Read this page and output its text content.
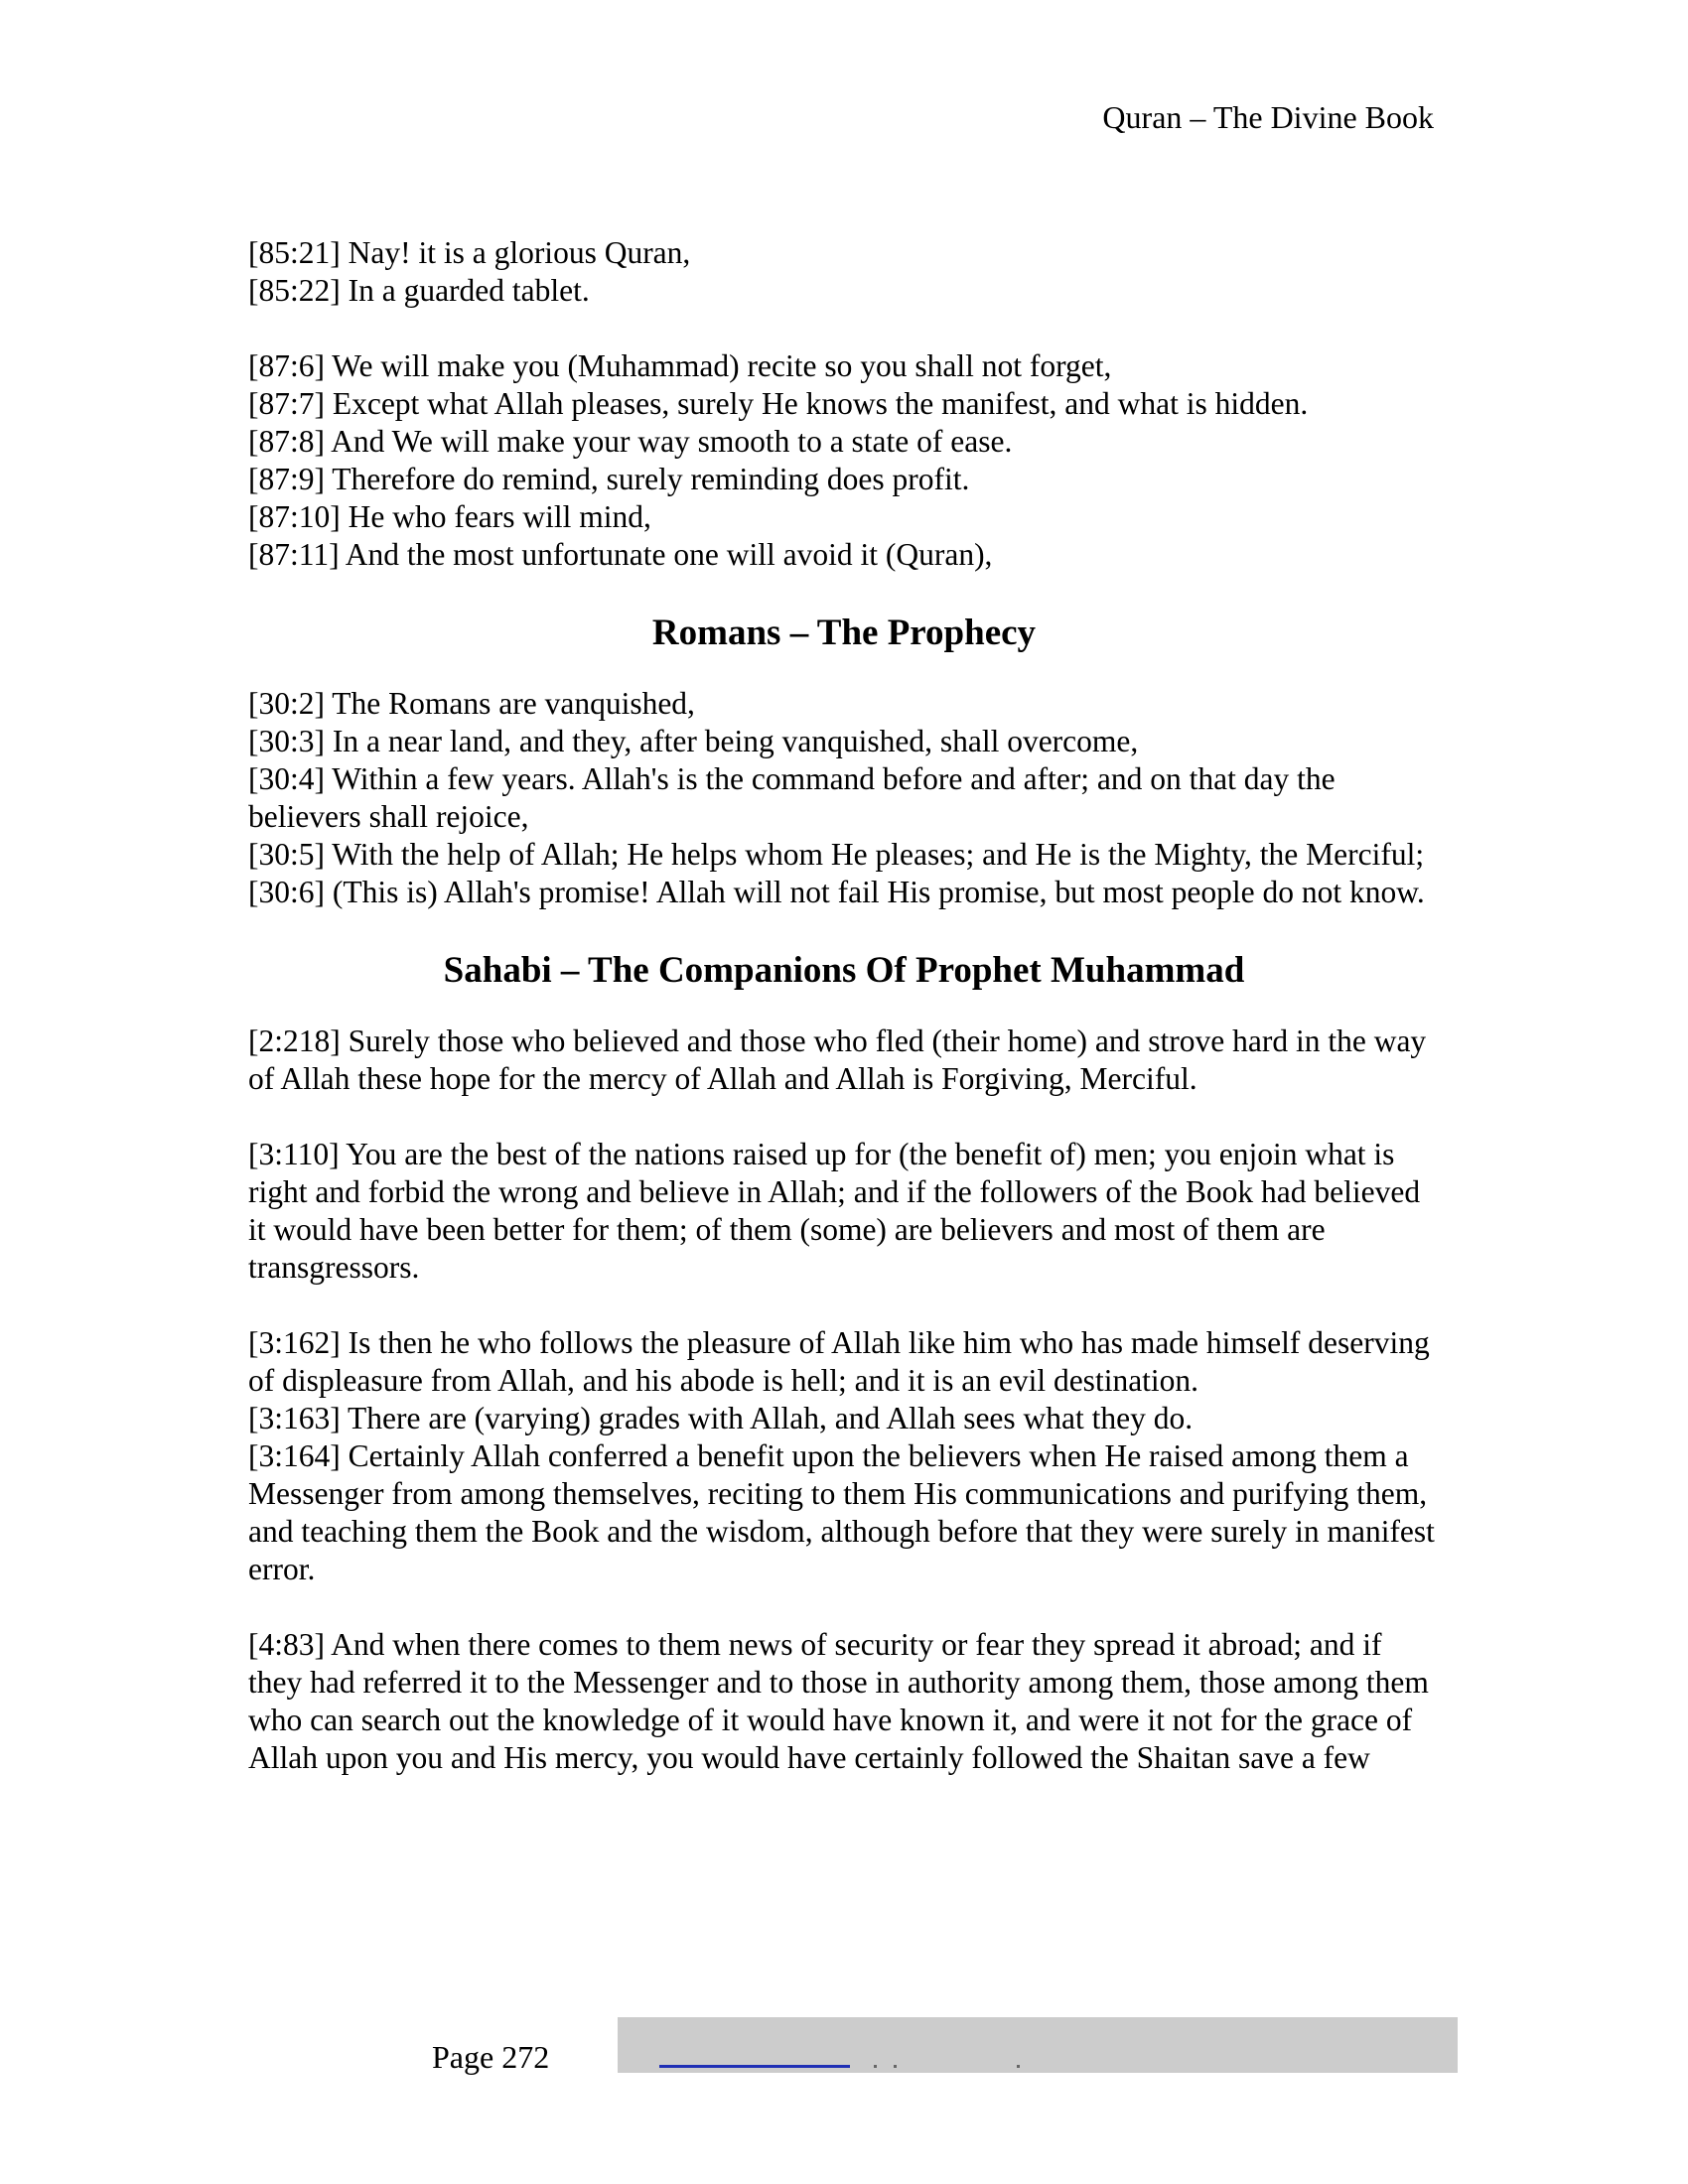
Quran – The Divine Book
[85:21] Nay! it is a glorious Quran,
[85:22] In a guarded tablet.
[87:6] We will make you (Muhammad) recite so you shall not forget,
[87:7] Except what Allah pleases, surely He knows the manifest, and what is hidden.
[87:8] And We will make your way smooth to a state of ease.
[87:9] Therefore do remind, surely reminding does profit.
[87:10] He who fears will mind,
[87:11] And the most unfortunate one will avoid it (Quran),
Romans – The Prophecy
[30:2] The Romans are vanquished,
[30:3] In a near land, and they, after being vanquished, shall overcome,
[30:4] Within a few years. Allah's is the command before and after; and on that day the believers shall rejoice,
[30:5] With the help of Allah; He helps whom He pleases; and He is the Mighty, the Merciful;
[30:6] (This is) Allah's promise! Allah will not fail His promise, but most people do not know.
Sahabi – The Companions Of Prophet Muhammad
[2:218] Surely those who believed and those who fled (their home) and strove hard in the way of Allah these hope for the mercy of Allah and Allah is Forgiving, Merciful.
[3:110] You are the best of the nations raised up for (the benefit of) men; you enjoin what is right and forbid the wrong and believe in Allah; and if the followers of the Book had believed it would have been better for them; of them (some) are believers and most of them are transgressors.
[3:162] Is then he who follows the pleasure of Allah like him who has made himself deserving of displeasure from Allah, and his abode is hell; and it is an evil destination.
[3:163] There are (varying) grades with Allah, and Allah sees what they do.
[3:164] Certainly Allah conferred a benefit upon the believers when He raised among them a Messenger from among themselves, reciting to them His communications and purifying them, and teaching them the Book and the wisdom, although before that they were surely in manifest error.
[4:83] And when there comes to them news of security or fear they spread it abroad; and if they had referred it to the Messenger and to those in authority among them, those among them who can search out the knowledge of it would have known it, and were it not for the grace of Allah upon you and His mercy, you would have certainly followed the Shaitan save a few
Page 272
